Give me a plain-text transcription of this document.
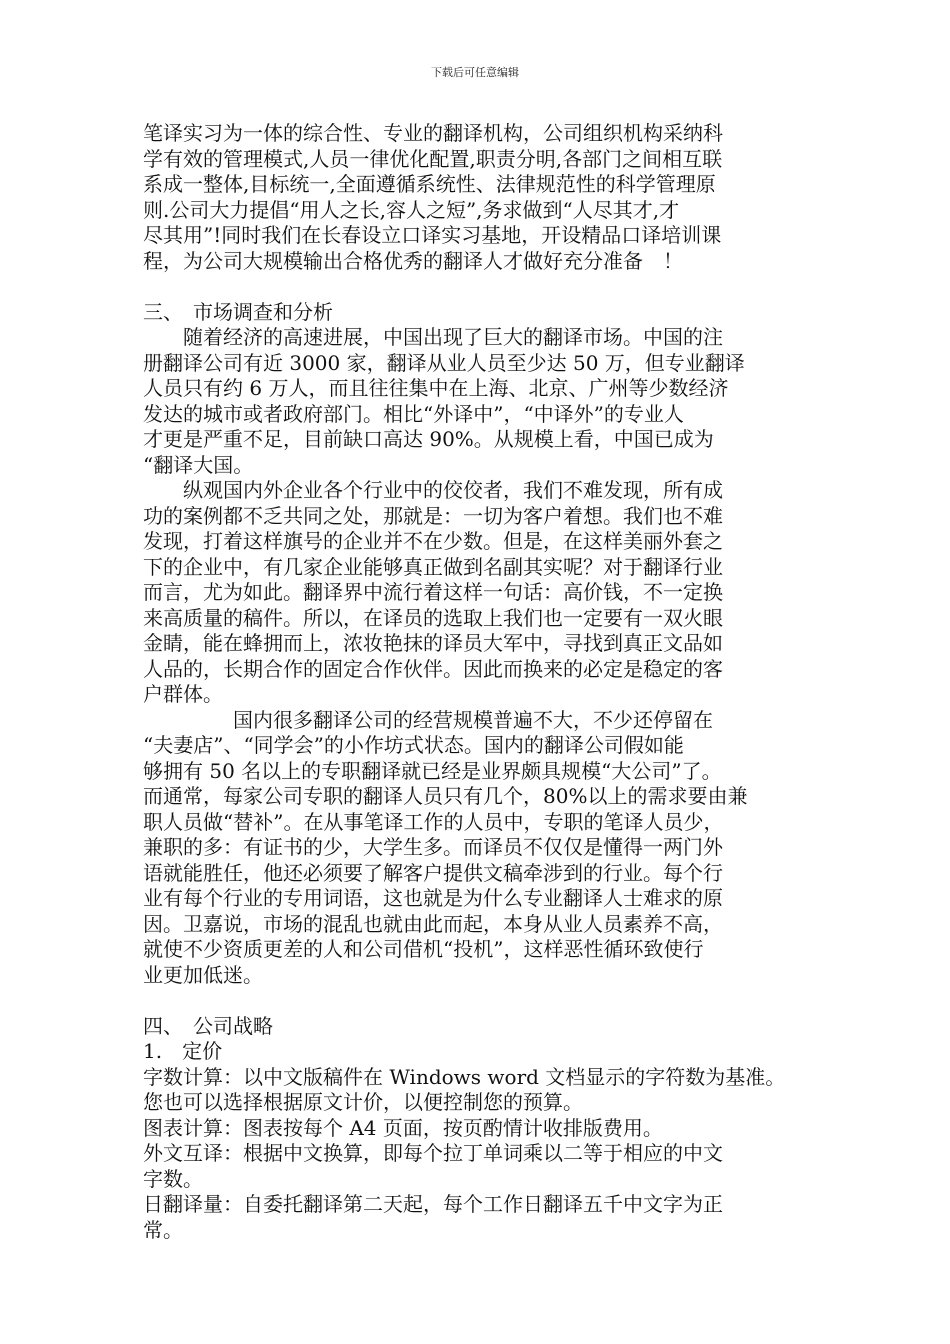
下载后可任意编辑
笔译实习为一体的综合性、专业的翻译机构，公司组织机构采纳科
学有效的管理模式,人员一律优化配置,职责分明,各部门之间相互联
系成一整体,目标统一,全面遵循系统性、法律规范性的科学管理原
则.公司大力提倡“用人之长,容人之短”,务求做到“人尽其才,才
尽其用”!同时我们在长春设立口译实习基地，开设精品口译培训课
程，为公司大规模输出合格优秀的翻译人才做好充分准备　！
三、　市场调查和分析
随着经济的高速进展，中国出现了巨大的翻译市场。中国的注
册翻译公司有近 3000 家，翻译从业人员至少达 50 万，但专业翻译
人员只有约 6 万人，而且往往集中在上海、北京、广州等少数经济
发达的城市或者政府部门。相比“外译中”，“中译外”的专业人
才更是严重不足，目前缺口高达 90%。从规模上看，中国已成为
“翻译大国。
纵观国内外企业各个行业中的佼佼者，我们不难发现，所有成
功的案例都不乏共同之处，那就是：一切为客户着想。我们也不难
发现，打着这样旗号的企业并不在少数。但是，在这样美丽外套之
下的企业中，有几家企业能够真正做到名副其实呢？对于翻译行业
而言，尤为如此。翻译界中流行着这样一句话：高价钱，不一定换
来高质量的稿件。所以，在译员的选取上我们也一定要有一双火眼
金睛，能在蜂拥而上，浓妆艳抹的译员大军中，寻找到真正文品如
人品的，长期合作的固定合作伙伴。因此而换来的必定是稳定的客
户群体。
国内很多翻译公司的经营规模普遍不大，不少还停留在
“夫妻店”、“同学会”的小作坊式状态。国内的翻译公司假如能
够拥有 50 名以上的专职翻译就已经是业界颇具规模“大公司”了。
而通常，每家公司专职的翻译人员只有几个，80%以上的需求要由兼
职人员做“替补”。在从事笔译工作的人员中，专职的笔译人员少，
兼职的多：有证书的少，大学生多。而译员不仅仅是懂得一两门外
语就能胜任，他还必须要了解客户提供文稿牵涉到的行业。每个行
业有每个行业的专用词语，这也就是为什么专业翻译人士难求的原
因。卫嘉说，市场的混乱也就由此而起，本身从业人员素养不高，
就使不少资质更差的人和公司借机“投机”，这样恶性循环致使行
业更加低迷。
四、　公司战略
1.　定价
字数计算：以中文版稿件在 Windows word 文档显示的字符数为基准。
您也可以选择根据原文计价，以便控制您的预算。
图表计算：图表按每个 A4 页面，按页酌情计收排版费用。
外文互译：根据中文换算，即每个拉丁单词乘以二等于相应的中文
字数。
日翻译量：自委托翻译第二天起，每个工作日翻译五千中文字为正
常。
